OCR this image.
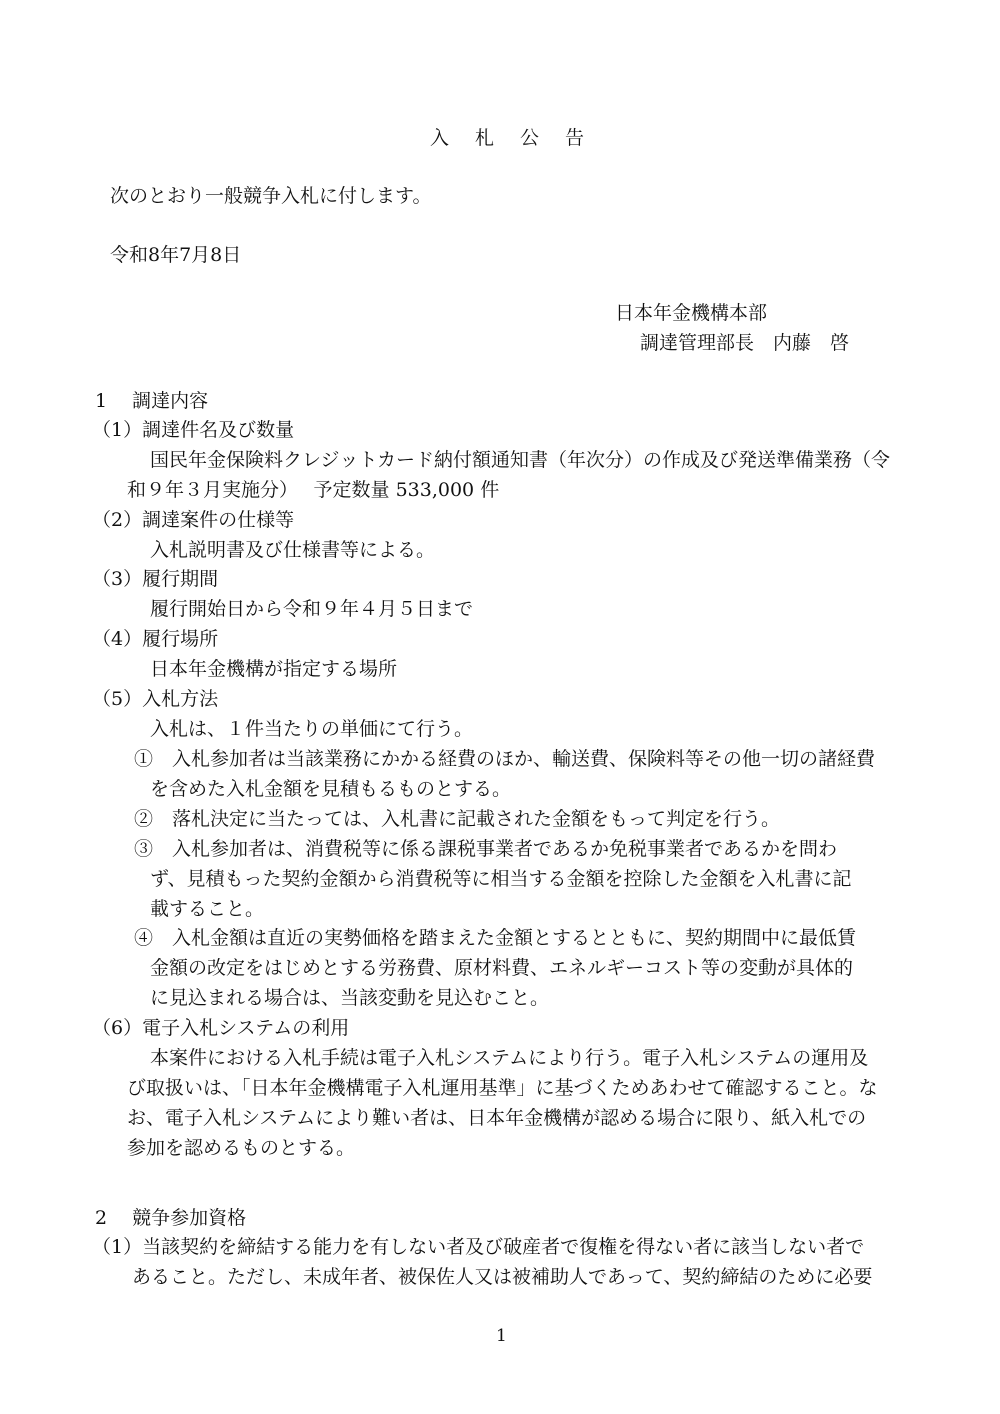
入札公告
次のとおり一般競争入札に付します。
令和8年7月8日
日本年金機構本部
調達管理部長　内藤　啓
1　 調達内容
（1）調達件名及び数量
国民年金保険料クレジットカード納付額通知書（年次分）の作成及び発送準備業務（令
和９年３月実施分）　 予定数量 533,000 件
（2）調達案件の仕様等
入札説明書及び仕様書等による。
（3）履行期間
履行開始日から令和９年４月５日まで
（4）履行場所
日本年金機構が指定する場所
（5）入札方法
入札は、１件当たりの単価にて行う。
①　入札参加者は当該業務にかかる経費のほか、輸送費、保険料等その他一切の諸経費
を含めた入札金額を見積もるものとする。
②　落札決定に当たっては、入札書に記載された金額をもって判定を行う。
③　入札参加者は、消費税等に係る課税事業者であるか免税事業者であるかを問わ
ず、見積もった契約金額から消費税等に相当する金額を控除した金額を入札書に記
載すること。
④　入札金額は直近の実勢価格を踏まえた金額とするとともに、契約期間中に最低賃
金額の改定をはじめとする労務費、原材料費、エネルギーコスト等の変動が具体的
に見込まれる場合は、当該変動を見込むこと。
（6）電子入札システムの利用
本案件における入札手続は電子入札システムにより行う。電子入札システムの運用及
び取扱いは、「日本年金機構電子入札運用基準」に基づくためあわせて確認すること。な
お、電子入札システムにより難い者は、日本年金機構が認める場合に限り、紙入札での
参加を認めるものとする。
2　 競争参加資格
（1）当該契約を締結する能力を有しない者及び破産者で復権を得ない者に該当しない者で
あること。ただし、未成年者、被保佐人又は被補助人であって、契約締結のために必要
1
